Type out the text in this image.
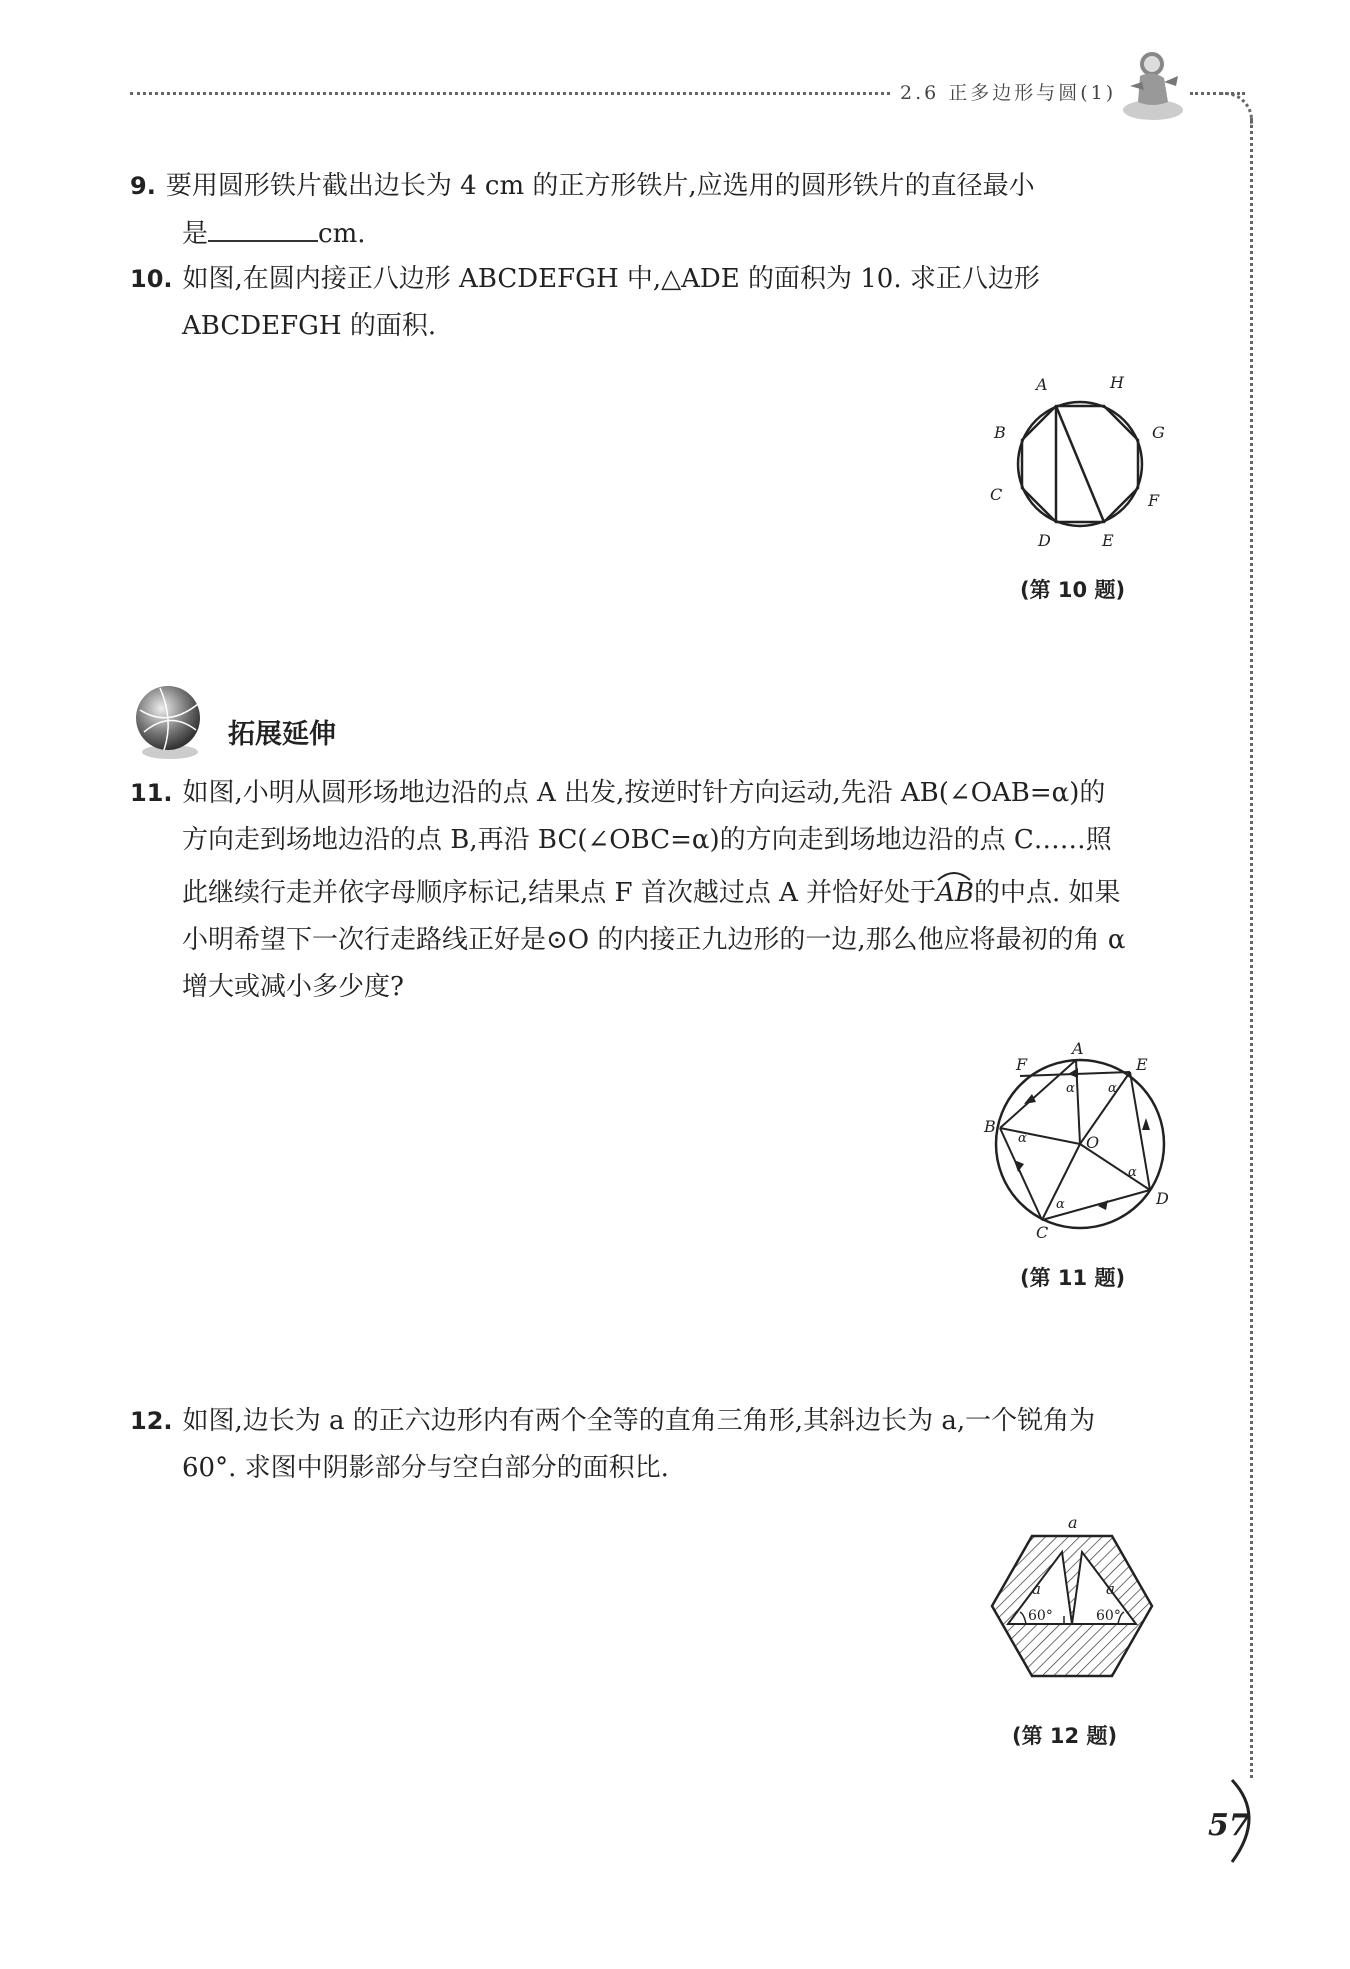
2.6 正多边形与圆(1)
9. 要用圆形铁片截出边长为 4 cm 的正方形铁片,应选用的圆形铁片的直径最小
是	cm.
10. 如图,在圆内接正八边形 ABCDEFGH 中,△ADE 的面积为 10. 求正八边形
ABCDEFGH 的面积.
A	H
G
F
E
D
C
B
(第 10 题)
拓展延伸
11. 如图,小明从圆形场地边沿的点 A 出发,按逆时针方向运动,先沿 AB(∠OAB=α)的
方向走到场地边沿的点 B,再沿 BC(∠OBC=α)的方向走到场地边沿的点 C……照
此继续行走并依字母顺序标记,结果点 F 首次越过点 A 并恰好处于AB
的中点. 如果
小明希望下一次行走路线正好是⊙O 的内接正九边形的一边,那么他应将最初的角 α
增大或减小多少度?
A
E
D
C
B
F
O
α	α
α
α
α
(第 11 题)
12. 如图,边长为 a 的正六边形内有两个全等的直角三角形,其斜边长为 a,一个锐角为
60°. 求图中阴影部分与空白部分的面积比.
a
a	a
60°	60°
(第 12 题)
57
